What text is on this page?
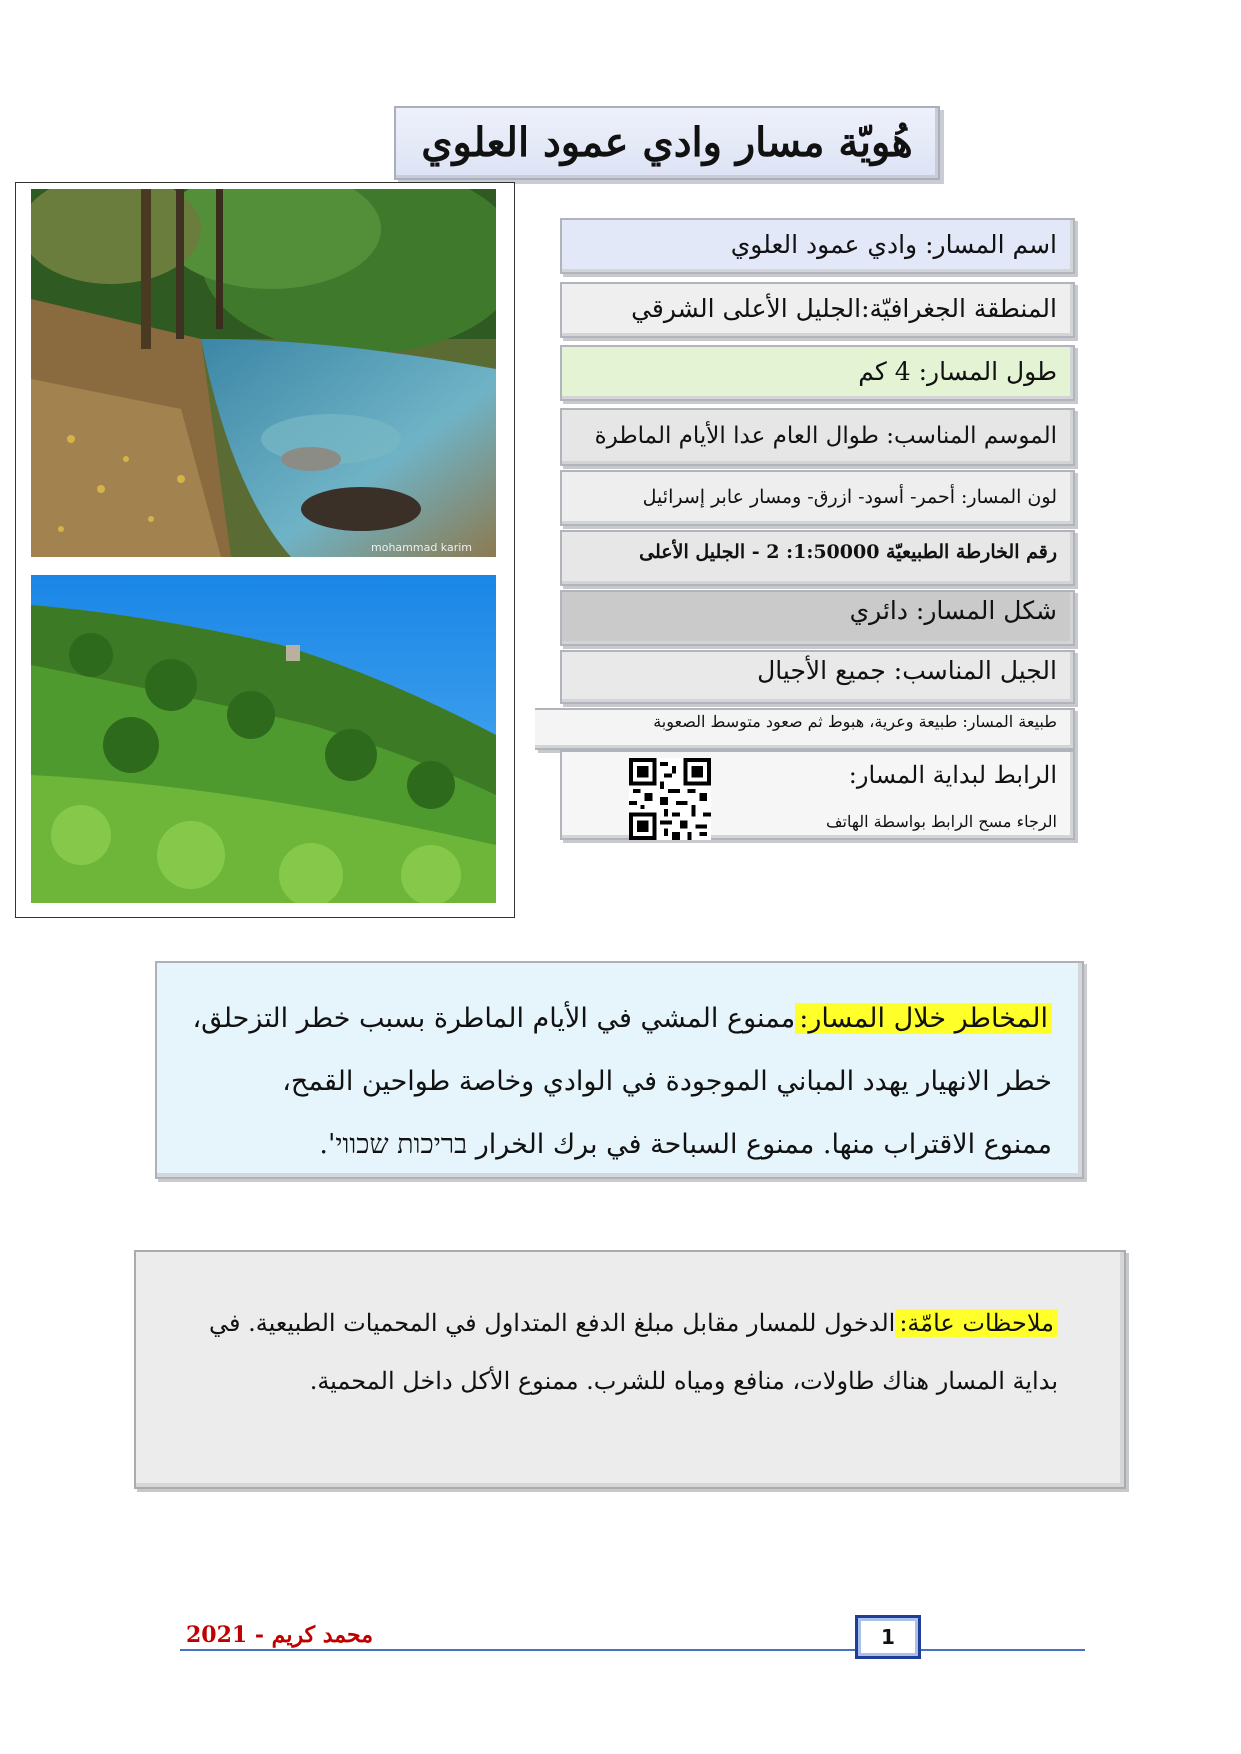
هُويّة مسار وادي عمود العلوي
mohammad karim
اسم المسار: وادي عمود العلوي
المنطقة الجغرافيّة:الجليل الأعلى الشرقي
طول المسار: 4 كم
الموسم المناسب: طوال العام عدا الأيام الماطرة
لون المسار: أحمر- أسود- ازرق- ومسار عابر إسرائيل
رقم الخارطة الطبيعيّة 1:50000: 2 - الجليل الأعلى
شكل المسار: دائري
الجيل المناسب: جميع الأجيال
طبيعة المسار: طبيعة وعرية، هبوط ثم صعود متوسط الصعوبة
الرابط لبداية المسار:
الرجاء مسح الرابط بواسطة الهاتف
المخاطر خلال المسار:ممنوع المشي في الأيام الماطرة بسبب خطر التزحلق،
خطر الانهيار يهدد المباني الموجودة في الوادي وخاصة طواحين القمح،
ممنوع الاقتراب منها. ممنوع السباحة في برك الخرار בריכות שכווי'.
ملاحظات عامّة:الدخول للمسار مقابل مبلغ الدفع المتداول في المحميات الطبيعية. في
بداية المسار هناك طاولات، منافع ومياه للشرب. ممنوع الأكل داخل المحمية.
محمد كريم - 2021	1
